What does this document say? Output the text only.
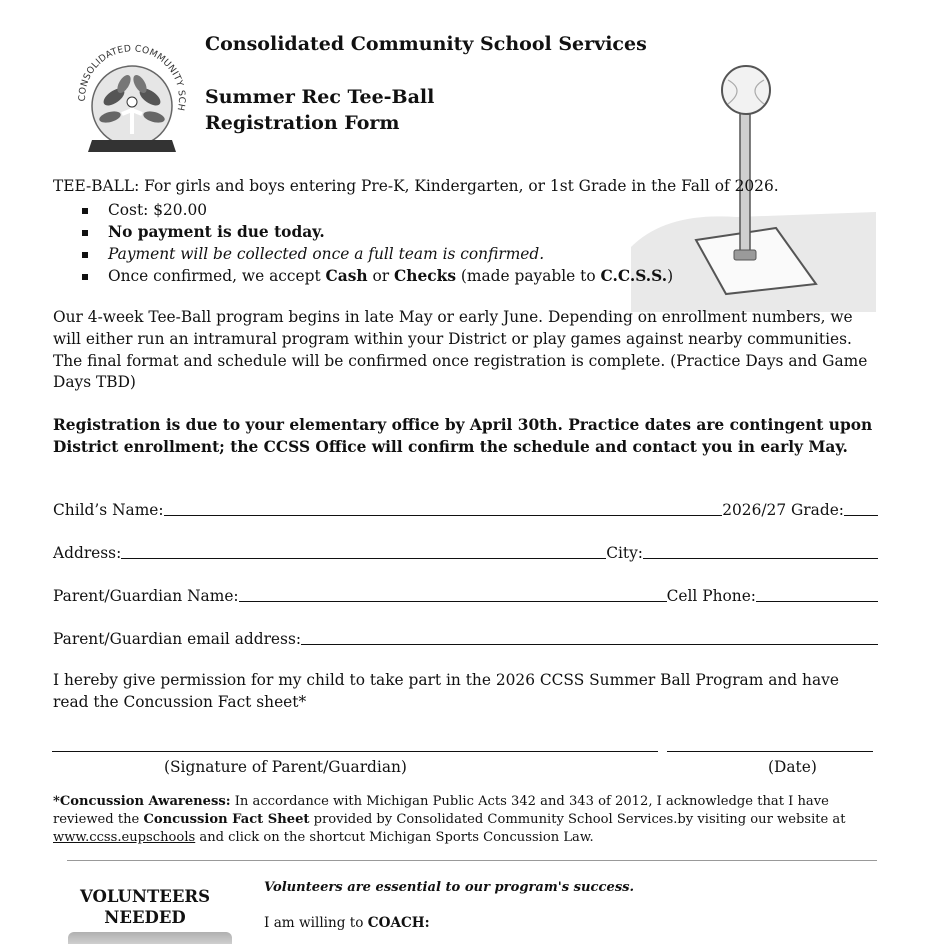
Consolidated Community School Services
Summer Rec Tee-Ball
Registration Form
CONSOLIDATED COMMUNITY SCH
TEE-BALL: For girls and boys entering Pre-K, Kindergarten, or 1st Grade in the Fall of 2026.
Cost: $20.00
No payment is due today.
Payment will be collected once a full team is confirmed.
Once confirmed, we accept Cash or Checks (made payable to C.C.S.S.)
Our 4-week Tee-Ball program begins in late May or early June. Depending on enrollment numbers, we will either run an intramural program within your District or play games against nearby communities. The final format and schedule will be confirmed once registration is complete. (Practice Days and Game Days TBD)
Registration is due to your elementary office by April 30th. Practice dates are contingent upon District enrollment; the CCSS Office will confirm the schedule and contact you in early May.
Child’s Name:	2026/27 Grade:
Address:	City:
Parent/Guardian Name:	Cell Phone:
Parent/Guardian email address:
I hereby give permission for my child to take part in the 2026 CCSS Summer Ball Program and have read the Concussion Fact sheet*
(Signature of Parent/Guardian)	(Date)
*Concussion Awareness: In accordance with Michigan Public Acts 342 and 343 of 2012, I acknowledge that I have reviewed the Concussion Fact Sheet provided by Consolidated Community School Services.by visiting our website at www.ccss.eupschools and click on the shortcut Michigan Sports Concussion Law.
VOLUNTEERS
NEEDED
Volunteers are essential to our program's success.
I am willing to COACH:
